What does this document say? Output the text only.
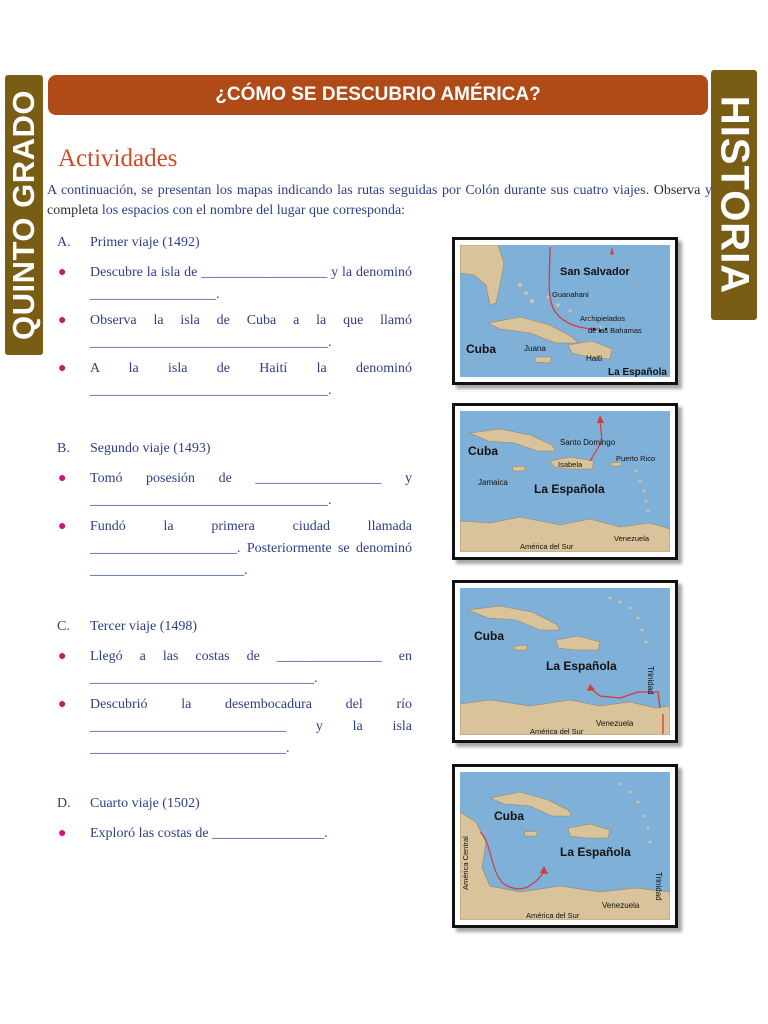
QUINTO GRADO	HISTORIA
¿CÓMO SE DESCUBRIO AMÉRICA?
Actividades
A continuación, se presentan los mapas indicando las rutas seguidas por Colón durante sus cuatro viajes. Observa y completa los espacios con el nombre del lugar que corresponda:
A. Primer viaje (1492)
● Descubre la isla de __________________ y la denominó __________________.
● Observa la isla de Cuba a la que llamó __________________________________.
● A la isla de Haití la denominó __________________________________.
B. Segundo viaje (1493)
● Tomó posesión de __________________ y __________________________________.
● Fundó la primera ciudad llamada _____________________. Posteriormente se denominó ______________________.
C. Tercer viaje (1498)
● Llegó a las costas de _______________ en ________________________________.
● Descubrió la desembocadura del río ____________________________ y la isla ____________________________.
D. Cuarto viaje (1502)
● Exploró las costas de ________________.
San Salvador
Guanahani
Archipielados
de las Bahamas
Cuba	Juana
Haiti
La Española
Cuba
Santo Domingo
Isabela
Puerto Rico
Jamaica La Española
Venezuela
América del Sur
Cuba
La Española	Trinidad
Venezuela
América del Sur
Cuba
La Española
América Central	Trinidad
Venezuela
América del Sur
